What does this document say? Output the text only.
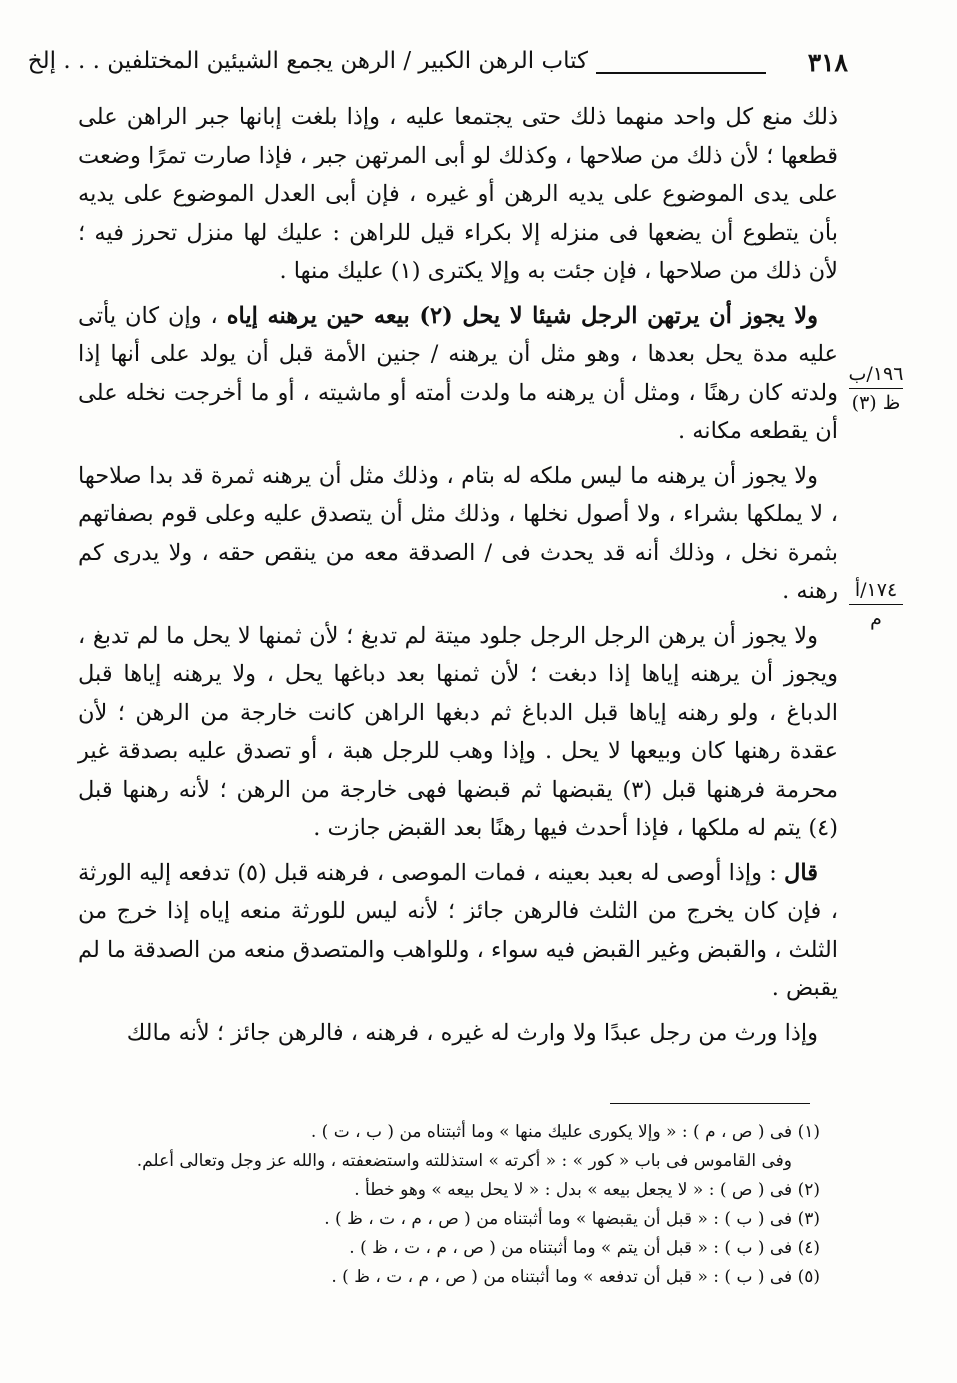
٣١٨
كتاب الرهن الكبير / الرهن يجمع الشيئين المختلفين . . . إلخ
١٩٦/ب
ظ (٣)
١٧٤/أ
م

ذلك منع كل واحد منهما ذلك حتى يجتمعا عليه ، وإذا بلغت إبانها جبر الراهن على قطعها ؛ لأن ذلك من صلاحها ، وكذلك لو أبى المرتهن جبر ، فإذا صارت تمرًا وضعت على يدى الموضوع على يديه الرهن أو غيره ، فإن أبى العدل الموضوع على يديه بأن يتطوع أن يضعها فى منزله إلا بكراء قيل للراهن : عليك لها منزل تحرز فيه ؛ لأن ذلك من صلاحها ، فإن جئت به وإلا يكترى (١) عليك منها .

ولا يجوز أن يرتهن الرجل شيئا لا يحل (٢) بيعه حين يرهنه إياه ، وإن كان يأتى عليه مدة يحل بعدها ، وهو مثل أن يرهنه / جنين الأمة قبل أن يولد على أنها إذا ولدته كان رهنًا ، ومثل أن يرهنه ما ولدت أمته أو ماشيته ، أو ما أخرجت نخله على أن يقطعه مكانه .

ولا يجوز أن يرهنه ما ليس ملكه له بتام ، وذلك مثل أن يرهنه ثمرة قد بدا صلاحها ، لا يملكها بشراء ، ولا أصول نخلها ، وذلك مثل أن يتصدق عليه وعلى قوم بصفاتهم بثمرة نخل ، وذلك أنه قد يحدث فى / الصدقة معه من ينقص حقه ، ولا يدرى كم رهنه .

ولا يجوز أن يرهن الرجل الرجل جلود ميتة لم تدبغ ؛ لأن ثمنها لا يحل ما لم تدبغ ، ويجوز أن يرهنه إياها إذا دبغت ؛ لأن ثمنها بعد دباغها يحل ، ولا يرهنه إياها قبل الدباغ ، ولو رهنه إياها قبل الدباغ ثم دبغها الراهن كانت خارجة من الرهن ؛ لأن عقدة رهنها كان وبيعها لا يحل . وإذا وهب للرجل هبة ، أو تصدق عليه بصدقة غير محرمة فرهنها قبل (٣) يقبضها ثم قبضها فهى خارجة من الرهن ؛ لأنه رهنها قبل (٤) يتم له ملكها ، فإذا أحدث فيها رهنًا بعد القبض جازت .

قال : وإذا أوصى له بعبد بعينه ، فمات الموصى ، فرهنه قبل (٥) تدفعه إليه الورثة ، فإن كان يخرج من الثلث فالرهن جائز ؛ لأنه ليس للورثة منعه إياه إذا خرج من الثلث ، والقبض وغير القبض فيه سواء ، وللواهب والمتصدق منعه من الصدقة ما لم يقبض .

وإذا ورث من رجل عبدًا ولا وارث له غيره ، فرهنه ، فالرهن جائز ؛ لأنه مالك

(١) فى ( ص ، م ) : « وإلا يكورى عليك منها » وما أثبتناه من ( ب ، ت ) .

وفى القاموس فى باب « كور » : « أكرته » استذللته واستضعفته ، والله عز وجل وتعالى أعلم.

(٢) فى ( ص ) : « لا يجعل بيعه » بدل : « لا يحل بيعه » وهو خطأ .

(٣) فى ( ب ) : « قبل أن يقبضها » وما أثبتناه من ( ص ، م ، ت ، ظ ) .

(٤) فى ( ب ) : « قبل أن يتم » وما أثبتناه من ( ص ، م ، ت ، ظ ) .

(٥) فى ( ب ) : « قبل أن تدفعه » وما أثبتناه من ( ص ، م ، ت ، ظ ) .
